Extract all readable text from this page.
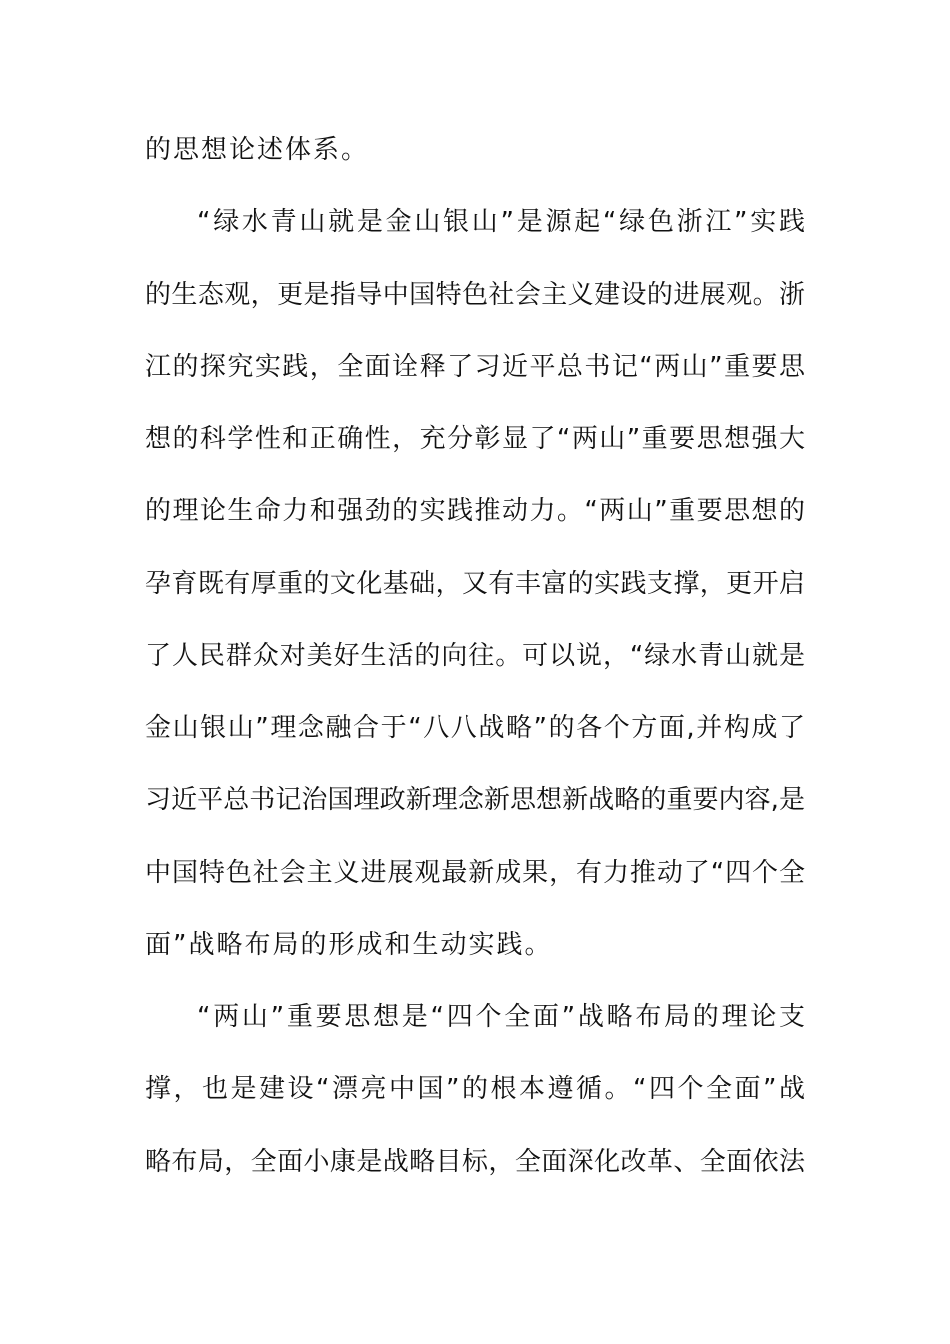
的思想论述体系。
“绿水青山就是金山银山”是源起“绿色浙江”实践
的生态观，更是指导中国特色社会主义建设的进展观。浙
江的探究实践，全面诠释了习近平总书记“两山”重要思
想的科学性和正确性，充分彰显了“两山”重要思想强大
的理论生命力和强劲的实践推动力。“两山”重要思想的
孕育既有厚重的文化基础，又有丰富的实践支撑，更开启
了人民群众对美好生活的向往。可以说，“绿水青山就是
金山银山”理念融合于“八八战略”的各个方面,并构成了
习近平总书记治国理政新理念新思想新战略的重要内容,是
中国特色社会主义进展观最新成果，有力推动了“四个全
面”战略布局的形成和生动实践。
“两山”重要思想是“四个全面”战略布局的理论支
撑，也是建设“漂亮中国”的根本遵循。“四个全面”战
略布局，全面小康是战略目标，全面深化改革、全面依法
